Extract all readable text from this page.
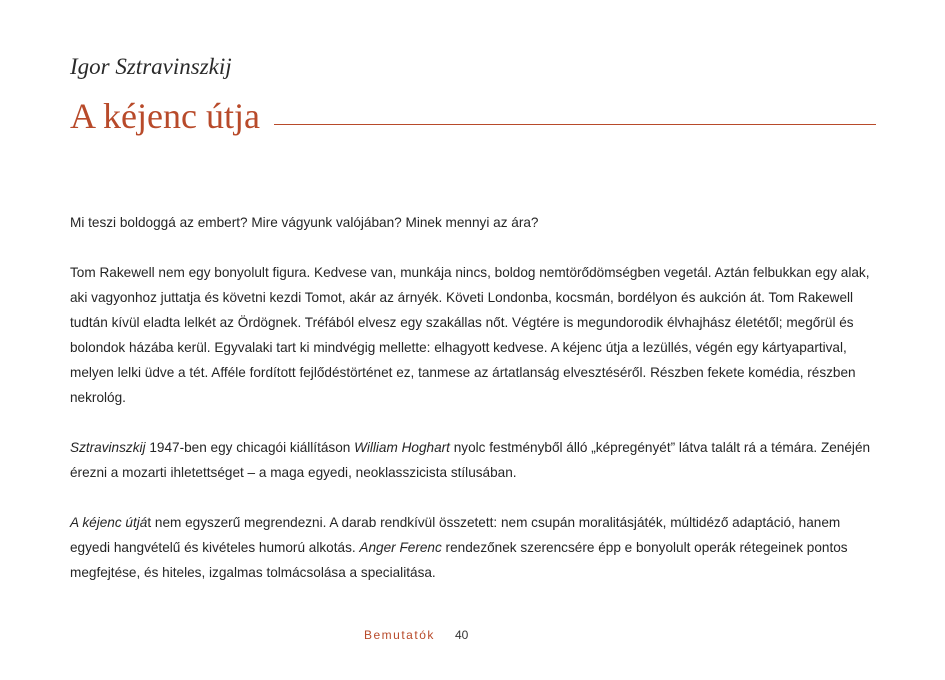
Igor Sztravinszkij
A kéjenc útja

Mi teszi boldoggá az embert? Mire vágyunk valójában? Minek mennyi az ára?

Tom Rakewell nem egy bonyolult figura. Kedvese van, munkája nincs, boldog nemtörődömségben vegetál. Aztán felbukkan egy alak, aki vagyonhoz juttatja és követni kezdi Tomot, akár az árnyék. Követi Londonba, kocsmán, bordélyon és aukción át. Tom Rakewell tudtán kívül eladta lelkét az Ördögnek. Tréfából elvesz egy szakállas nőt. Végtére is megundorodik élvhajhász életétől; megőrül és bolondok házába kerül. Egyvalaki tart ki mindvégig mellette: elhagyott kedvese. A kéjenc útja a lezüllés, végén egy kártyapartival, melyen lelki üdve a tét. Afféle fordított fejlődéstörténet ez, tanmese az ártatlanság elvesztéséről. Részben fekete komédia, részben nekrológ.

Sztravinszkij 1947-ben egy chicagói kiállításon William Hoghart nyolc festményből álló „képregényét” látva talált rá a témára. Zenéjén érezni a mozarti ihletettséget – a maga egyedi, neoklasszicista stílusában.

A kéjenc útját nem egyszerű megrendezni. A darab rendkívül összetett: nem csupán moralitásjáték, múltidéző adaptáció, hanem egyedi hangvételű és kivételes humorú alkotás. Anger Ferenc rendezőnek szerencsére épp e bonyolult operák rétegeinek pontos megfejtése, és hiteles, izgalmas tolmácsolása a specialitása.

Bemutatók 40
